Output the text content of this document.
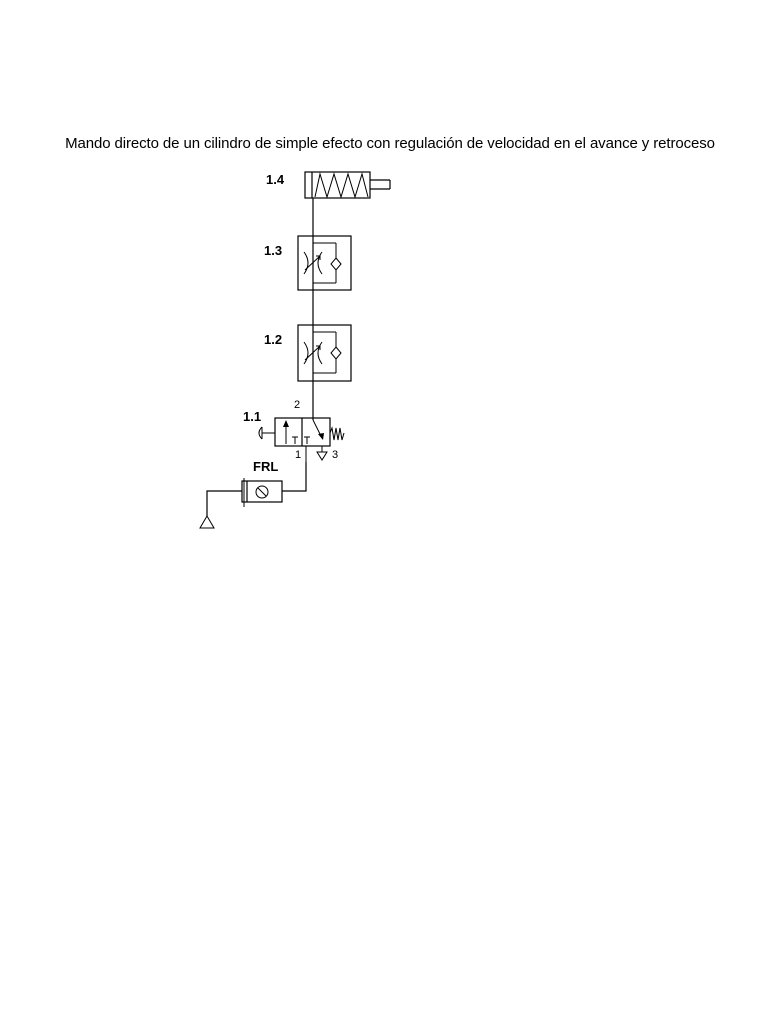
Mando directo de un cilindro de simple efecto con regulación de velocidad en el avance y retroceso
1.4
1.3
1.2
1.1
2
1	3
FRL
